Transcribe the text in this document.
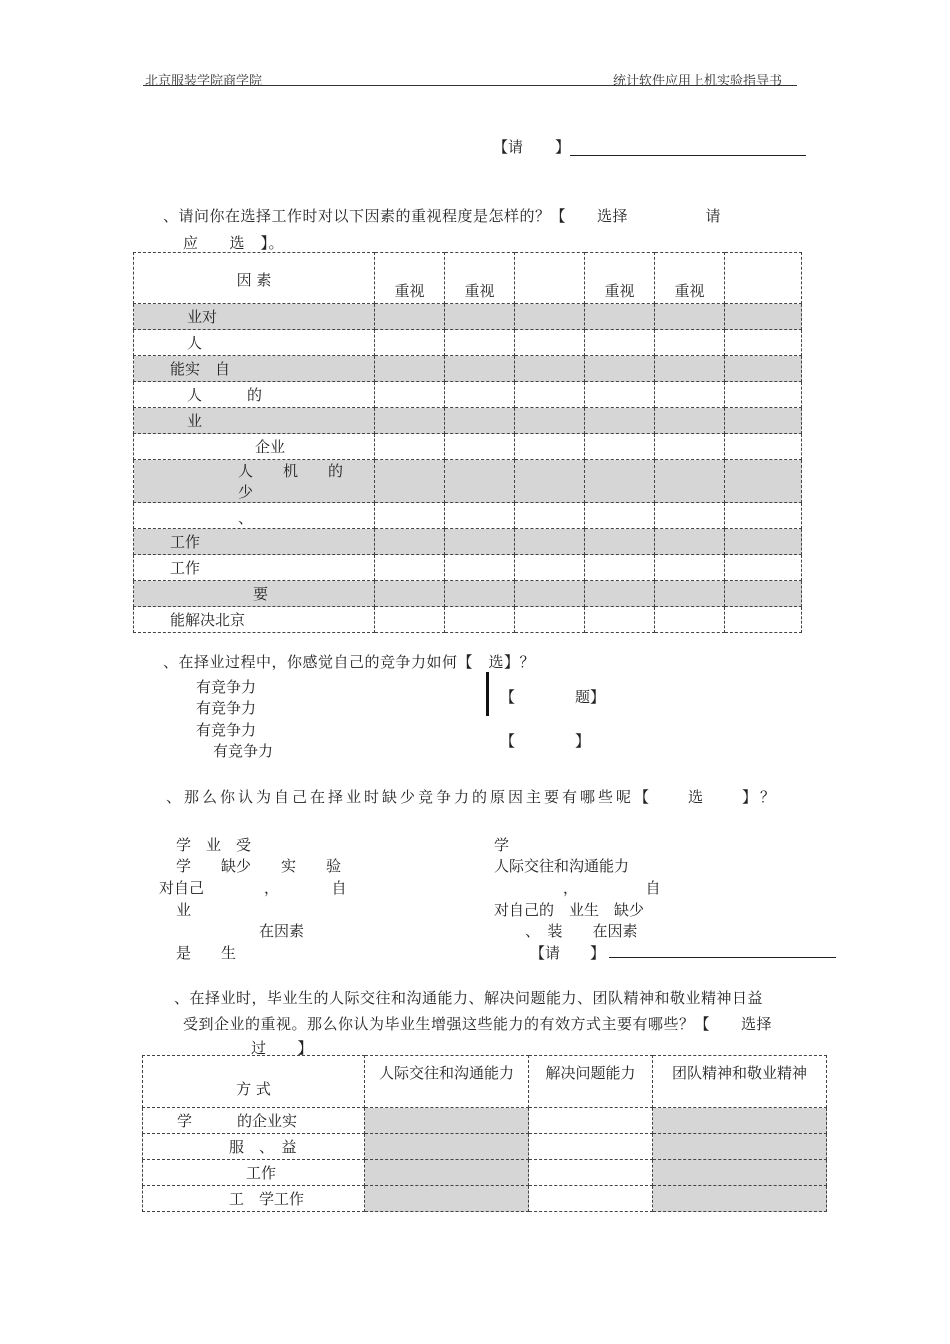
北京服装学院商学院	统计软件应用上机实验指导书
【请 】
、请问你在选择工作时对以下因素的重视程度是怎样的？【　　选择　　　　　请
应　　选　】。
因 素	重视	重视		重视	重视	
业对						
人						
能实　自						
人　　　的						
业						
企业						
人　　机　　的　　少						
、						
工作						
工作						
要						
能解决北京						
、在择业过程中，你感觉自己的竞争力如何【　选】？
有竞争力
有竞争力
有竞争力
有竞争力
【　　　　题】
【　　　　】
、那么你认为自己在择业时缺少竞争力的原因主要有哪些呢【　　选　　】？
学　业　受
学　　缺少　　实　　验
对自己　　　　，　　　　自
业
在因素
是　　生
学
人际交往和沟通能力
，　　　　　自
对自己的　业生　缺少
、　装　　在因素
【请　　】
、在择业时，毕业生的人际交往和沟通能力、解决问题能力、团队精神和敬业精神日益
受到企业的重视。那么你认为毕业生增强这些能力的有效方式主要有哪些？【　　选择
过　　】
方 式	人际交往和沟通能力	解决问题能力	团队精神和敬业精神
学　　　的企业实			
服　、　益			
工作			
工　学工作			
